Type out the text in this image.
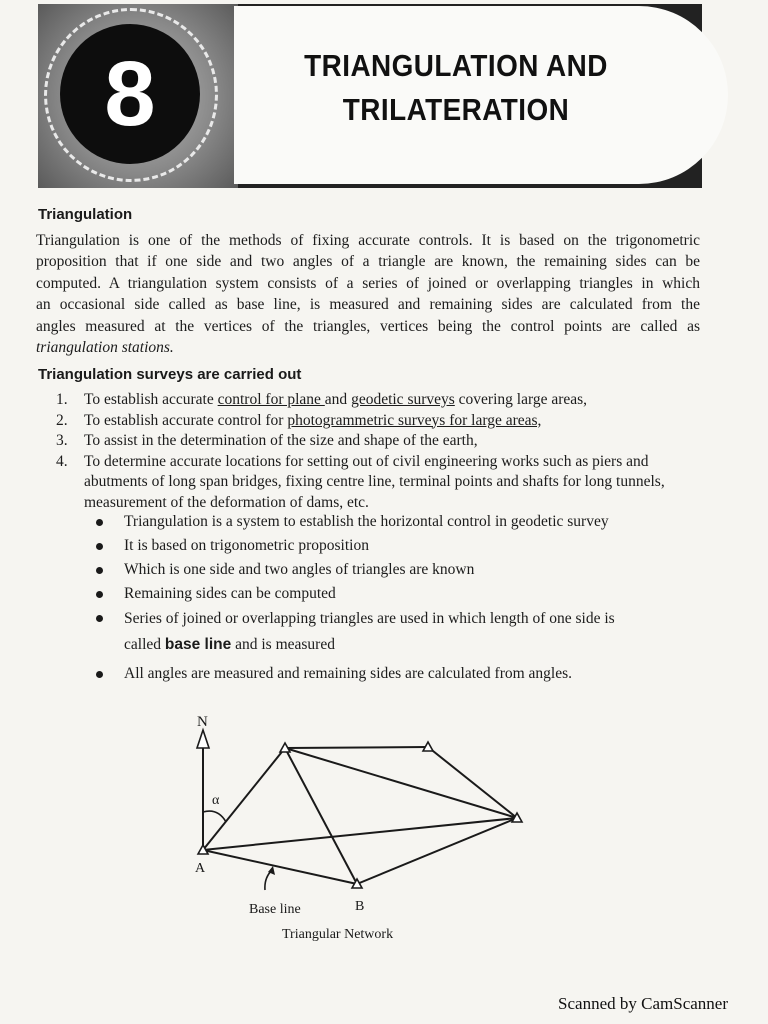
8	TRIANGULATION AND
TRILATERATION
Triangulation
Triangulation is one of the methods of fixing accurate controls. It is based on the trigonometric
proposition that if one side and two angles of a triangle are known, the remaining sides can be
computed. A triangulation system consists of a series of joined or overlapping triangles in which
an occasional side called as base line, is measured and remaining sides are calculated from the
angles measured at the vertices of the triangles, vertices being the control points are called as
triangulation stations.
Triangulation surveys are carried out
1. To establish accurate control for plane and geodetic surveys covering large areas,
2. To establish accurate control for photogrammetric surveys for large areas,
3. To assist in the determination of the size and shape of the earth,
4. To determine accurate locations for setting out of civil engineering works such as piers and abutments of long span bridges, fixing centre line, terminal points and shafts for long tunnels, measurement of the deformation of dams, etc.
Triangulation is a system to establish the horizontal control in geodetic survey
It is based on trigonometric proposition
Which is one side and two angles of triangles are known
Remaining sides can be computed
Series of joined or overlapping triangles are used in which length of one side is
called base line and is measured
All angles are measured and remaining sides are calculated from angles.
N
α
A
B
Base line
Triangular Network
Scanned by CamScanner
